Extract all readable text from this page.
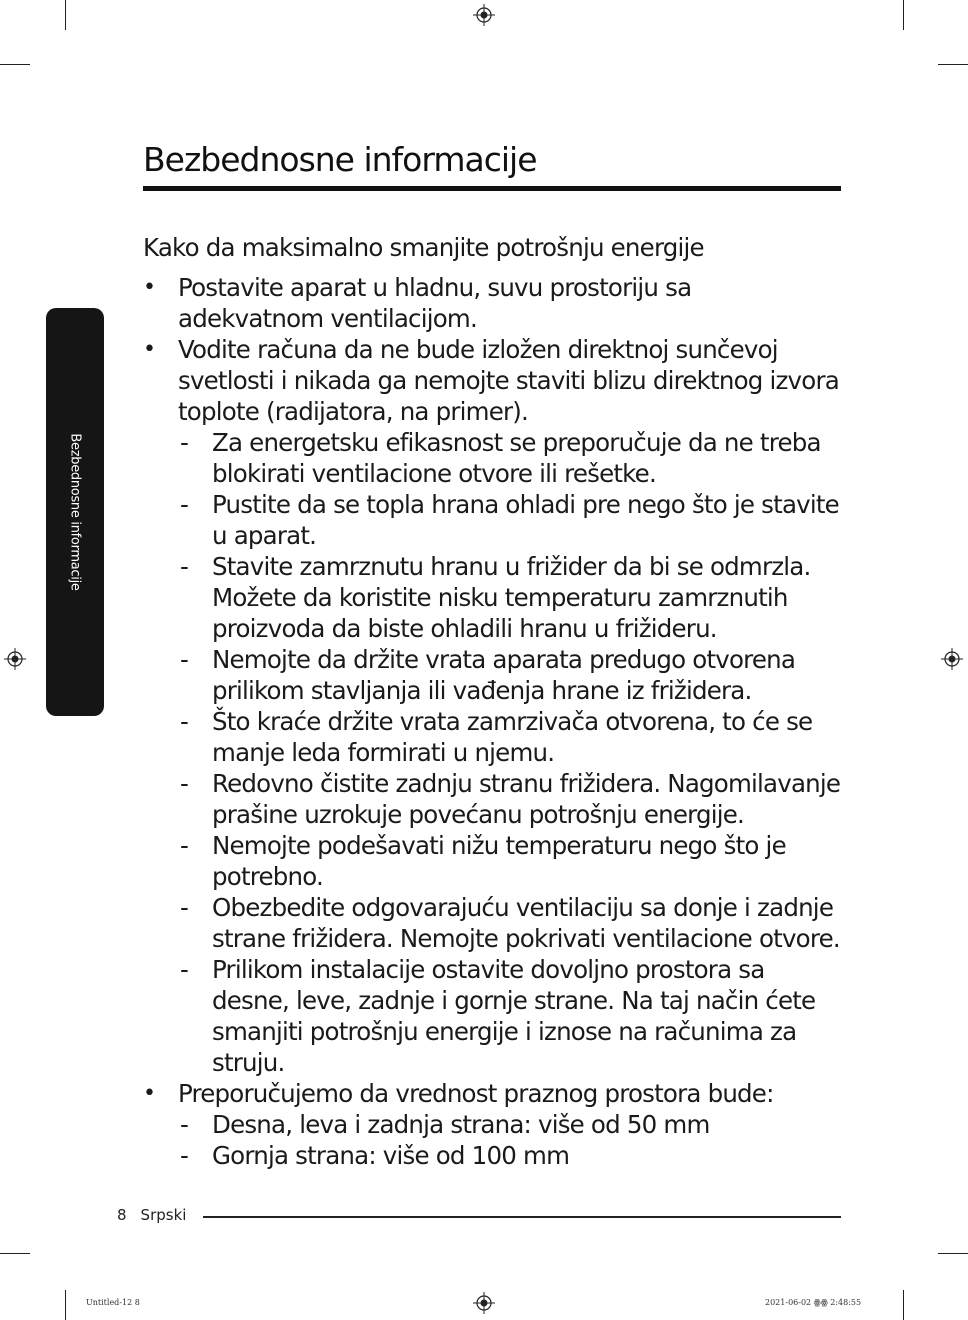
Bezbednosne informacije
Bezbednosne informacije
Kako da maksimalno smanjite potrošnju energije
• Postavite aparat u hladnu, suvu prostoriju sa adekvatnom ventilacijom.
• Vodite računa da ne bude izložen direktnoj sunčevoj svetlosti i nikada ga nemojte staviti blizu direktnog izvora toplote (radijatora, na primer).
- Za energetsku efikasnost se preporučuje da ne treba blokirati ventilacione otvore ili rešetke.
- Pustite da se topla hrana ohladi pre nego što je stavite u aparat.
- Stavite zamrznutu hranu u frižider da bi se odmrzla. Možete da koristite nisku temperaturu zamrznutih proizvoda da biste ohladili hranu u frižideru.
- Nemojte da držite vrata aparata predugo otvorena prilikom stavljanja ili vađenja hrane iz frižidera.
- Što kraće držite vrata zamrzivača otvorena, to će se manje leda formirati u njemu.
- Redovno čistite zadnju stranu frižidera. Nagomilavanje prašine uzrokuje povećanu potrošnju energije.
- Nemojte podešavati nižu temperaturu nego što je potrebno.
- Obezbedite odgovarajuću ventilaciju sa donje i zadnje strane frižidera. Nemojte pokrivati ventilacione otvore.
- Prilikom instalacije ostavite dovoljno prostora sa desne, leve, zadnje i gornje strane. Na taj način ćete smanjiti potrošnju energije i iznose na računima za struju.
• Preporučujemo da vrednost praznog prostora bude:
- Desna, leva i zadnja strana: više od 50 mm
- Gornja strana: više od 100 mm
8 Srpski
Untitled-12 8	2021-06-02 ꙮꙮ 2:48:55
